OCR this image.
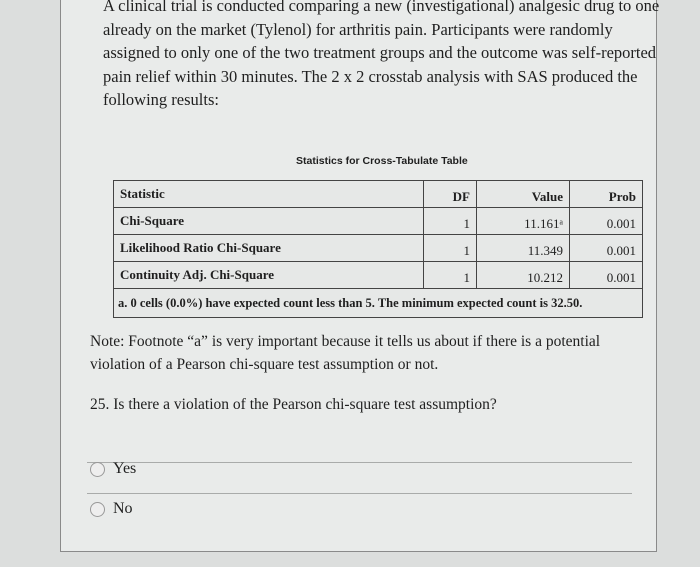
A clinical trial is conducted comparing a new (investigational) analgesic drug to one already on the market (Tylenol) for arthritis pain. Participants were randomly assigned to only one of the two treatment groups and the outcome was self-reported pain relief within 30 minutes. The 2 x 2 crosstab analysis with SAS produced the following results:
Statistics for Cross-Tabulate Table
Statistic	DF	Value	Prob
Chi-Square	1	11.161ᵃ	0.001
Likelihood Ratio Chi-Square	1	11.349	0.001
Continuity Adj. Chi-Square	1	10.212	0.001
a. 0 cells (0.0%) have expected count less than 5. The minimum expected count is 32.50.			
Note: Footnote “a” is very important because it tells us about if there is a potential violation of a Pearson chi-square test assumption or not.
25. Is there a violation of the Pearson chi-square test assumption?
Yes
No
